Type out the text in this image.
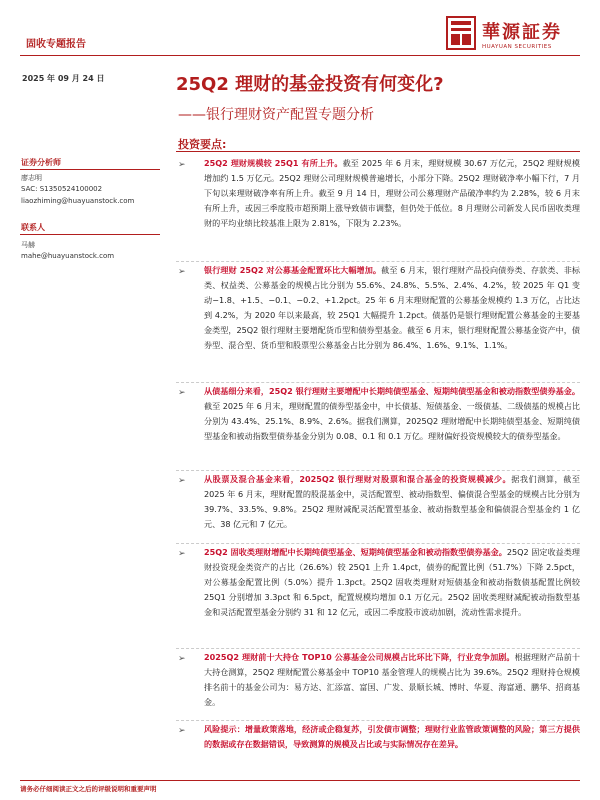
固收专题报告
華源証券
HUAYUAN SECURITIES
2025 年 09 月 24 日	25Q2 理财的基金投资有何变化?
——银行理财资产配置专题分析
投资要点:
证券分析师
廖志明
SAC: S1350524100002
liaozhiming@huayuanstock.com
联系人
马赫
mahe@huayuanstock.com
➢ 25Q2 理财规模较 25Q1 有所上升。截至 2025 年 6 月末，理财规模 30.67 万亿元，25Q2 理财规模增加约 1.5 万亿元。25Q2 理财公司理财规模普遍增长，小部分下降。25Q2 理财破净率小幅下行，7 月下旬以来理财破净率有所上升。截至 9 月 14 日，理财公司公募理财产品破净率约为 2.28%，较 6 月末有所上升，或因三季度股市超预期上涨导致债市调整，但仍处于低位。8 月理财公司新发人民币固收类理财的平均业绩比较基准上限为 2.81%，下限为 2.23%。
➢ 银行理财 25Q2 对公募基金配置环比大幅增加。截至 6 月末，银行理财产品投向债券类、存款类、非标类、权益类、公募基金的规模占比分别为 55.6%、24.8%、5.5%、2.4%、4.2%，较 2025 年 Q1 变动−1.8、+1.5、−0.1、−0.2、+1.2pct。25 年 6 月末理财配置的公募基金规模约 1.3 万亿，占比达到 4.2%，为 2020 年以来最高，较 25Q1 大幅提升 1.2pct。债基仍是银行理财配置公募基金的主要基金类型，25Q2 银行理财主要增配货币型和债券型基金。截至 6 月末，银行理财配置公募基金资产中，债券型、混合型、货币型和股票型公募基金占比分别为 86.4%、1.6%、9.1%、1.1%。
➢ 从债基细分来看，25Q2 银行理财主要增配中长期纯债型基金、短期纯债型基金和被动指数型债券基金。截至 2025 年 6 月末，理财配置的债券型基金中，中长债基、短债基金、一级债基、二级债基的规模占比分别为 43.4%、25.1%、8.9%、2.6%。据我们测算，2025Q2 理财增配中长期纯债型基金、短期纯债型基金和被动指数型债券基金分别为 0.08、0.1 和 0.1 万亿。理财偏好投资规模较大的债券型基金。
➢ 从股票及混合基金来看，2025Q2 银行理财对股票和混合基金的投资规模减少。据我们测算，截至 2025 年 6 月末，理财配置的股混基金中，灵活配置型、被动指数型、偏债混合型基金的规模占比分别为 39.7%、33.5%、9.8%。25Q2 理财减配灵活配置型基金、被动指数型基金和偏债混合型基金约 1 亿元、38 亿元和 7 亿元。
➢ 25Q2 固收类理财增配中长期纯债型基金、短期纯债型基金和被动指数型债券基金。25Q2 固定收益类理财投资现金类资产的占比（26.6%）较 25Q1 上升 1.4pct，债券的配置比例（51.7%）下降 2.5pct，对公募基金配置比例（5.0%）提升 1.3pct。25Q2 固收类理财对短债基金和被动指数债基配置比例较 25Q1 分别增加 3.3pct 和 6.5pct，配置规模均增加 0.1 万亿元。25Q2 固收类理财减配被动指数型基金和灵活配置型基金分别约 31 和 12 亿元，或因二季度股市波动加剧，流动性需求提升。
➢ 2025Q2 理财前十大持仓 TOP10 公募基金公司规模占比环比下降，行业竞争加剧。根据理财产品前十大持仓测算，25Q2 理财配置公募基金中 TOP10 基金管理人的规模占比为 39.6%。25Q2 理财持仓规模排名前十的基金公司为：易方达、汇添富、富国、广发、景顺长城、博时、华夏、海富通、鹏华、招商基金。
➢ 风险提示：增量政策落地，经济或企稳复苏，引发债市调整；理财行业监管政策调整的风险；第三方提供的数据或存在数据错误，导致测算的规模及占比或与实际情况存在差异。
请务必仔细阅读正文之后的评级说明和重要声明
